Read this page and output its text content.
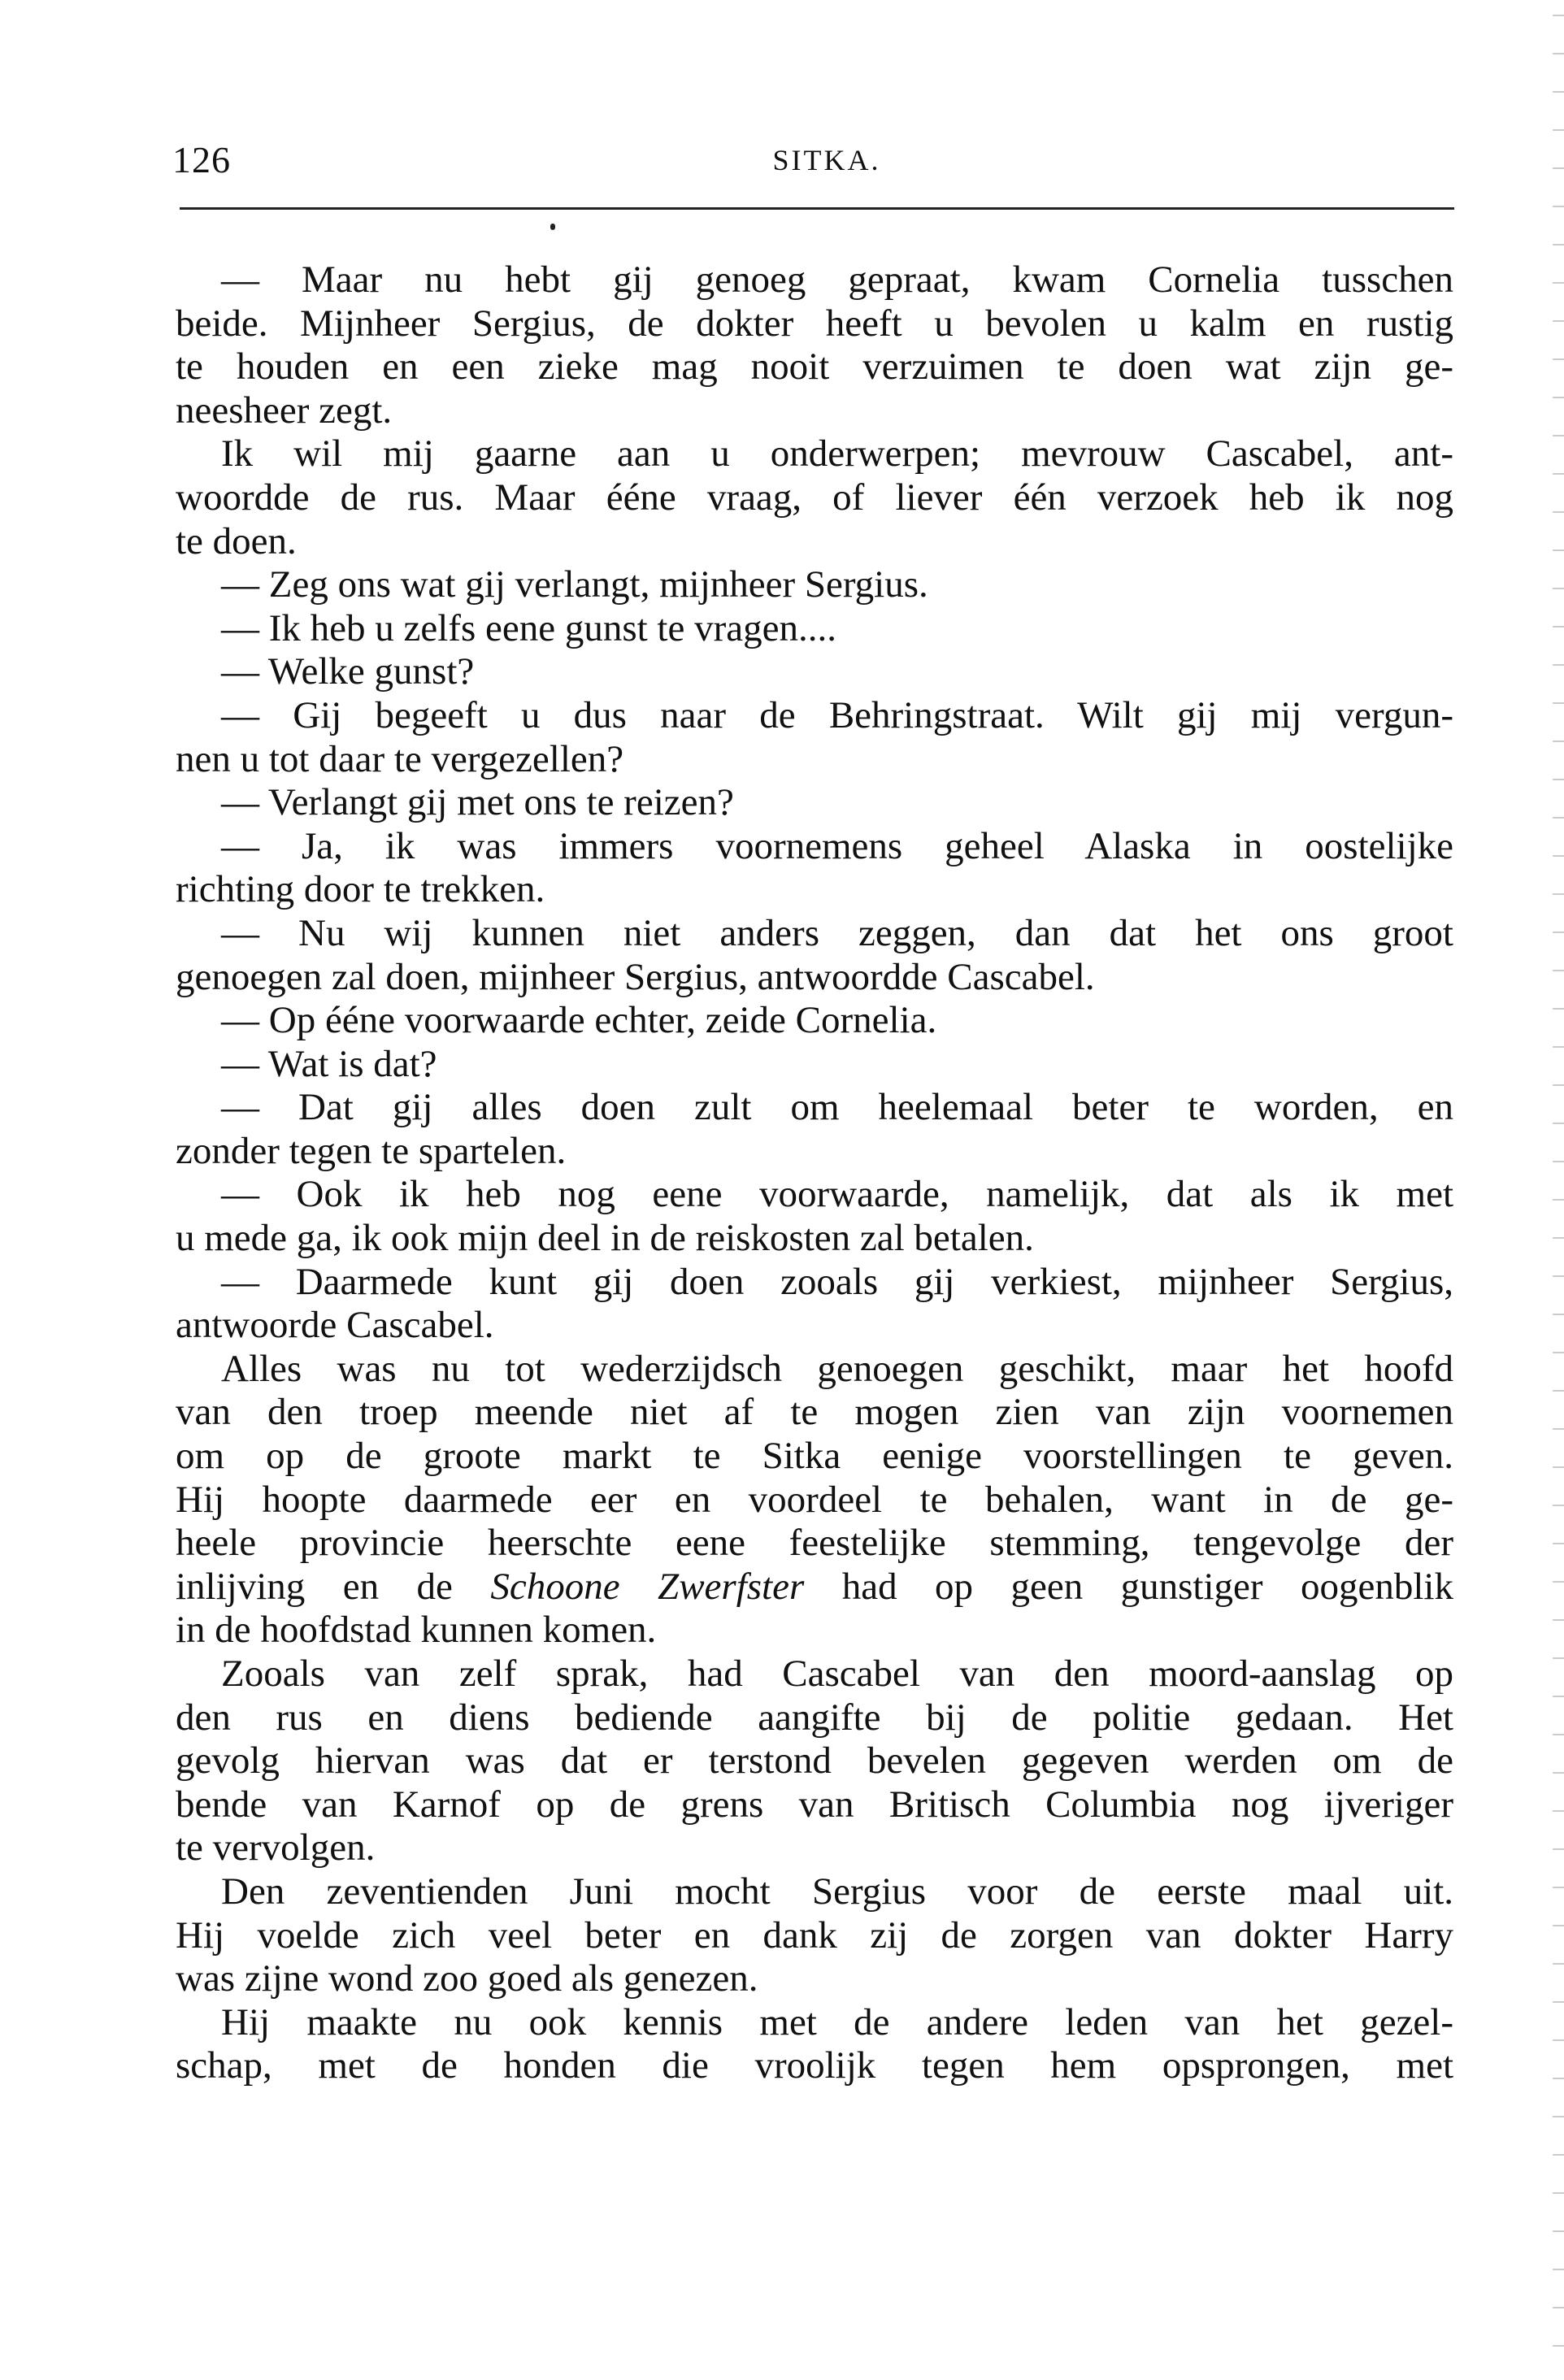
126	SITKA.
— Maar nu hebt gij genoeg gepraat, kwam Cornelia tusschen
beide. Mijnheer Sergius, de dokter heeft u bevolen u kalm en rustig
te houden en een zieke mag nooit verzuimen te doen wat zijn ge-
neesheer zegt.
Ik wil mij gaarne aan u onderwerpen; mevrouw Cascabel, ant-
woordde de rus. Maar ééne vraag, of liever één verzoek heb ik nog
te doen.
— Zeg ons wat gij verlangt, mijnheer Sergius.
— Ik heb u zelfs eene gunst te vragen....
— Welke gunst?
— Gij begeeft u dus naar de Behringstraat. Wilt gij mij vergun-
nen u tot daar te vergezellen?
— Verlangt gij met ons te reizen?
— Ja, ik was immers voornemens geheel Alaska in oostelijke
richting door te trekken.
— Nu wij kunnen niet anders zeggen, dan dat het ons groot
genoegen zal doen, mijnheer Sergius, antwoordde Cascabel.
— Op ééne voorwaarde echter, zeide Cornelia.
— Wat is dat?
— Dat gij alles doen zult om heelemaal beter te worden, en
zonder tegen te spartelen.
— Ook ik heb nog eene voorwaarde, namelijk, dat als ik met
u mede ga, ik ook mijn deel in de reiskosten zal betalen.
— Daarmede kunt gij doen zooals gij verkiest, mijnheer Sergius,
antwoorde Cascabel.
Alles was nu tot wederzijdsch genoegen geschikt, maar het hoofd
van den troep meende niet af te mogen zien van zijn voornemen
om op de groote markt te Sitka eenige voorstellingen te geven.
Hij hoopte daarmede eer en voordeel te behalen, want in de ge-
heele provincie heerschte eene feestelijke stemming, tengevolge der
inlijving en de Schoone Zwerfster had op geen gunstiger oogenblik
in de hoofdstad kunnen komen.
Zooals van zelf sprak, had Cascabel van den moord-aanslag op
den rus en diens bediende aangifte bij de politie gedaan. Het
gevolg hiervan was dat er terstond bevelen gegeven werden om de
bende van Karnof op de grens van Britisch Columbia nog ijveriger
te vervolgen.
Den zeventienden Juni mocht Sergius voor de eerste maal uit.
Hij voelde zich veel beter en dank zij de zorgen van dokter Harry
was zijne wond zoo goed als genezen.
Hij maakte nu ook kennis met de andere leden van het gezel-
schap, met de honden die vroolijk tegen hem opsprongen, met
